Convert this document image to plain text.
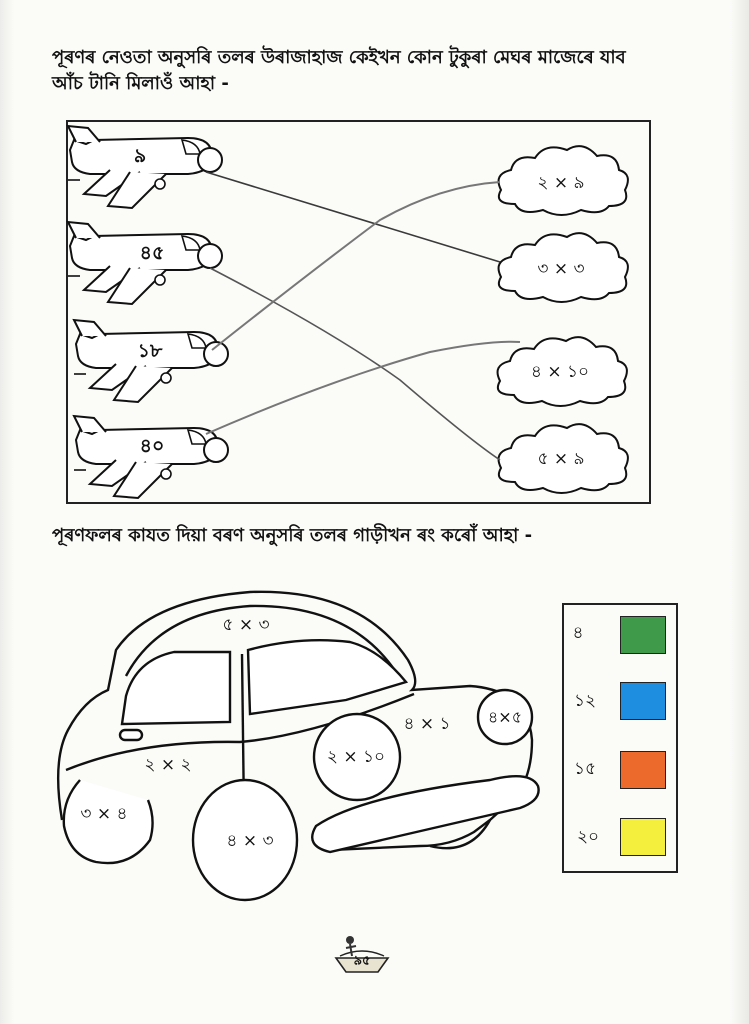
পূৰণৰ নেওতা অনুসৰি তলৰ উৰাজাহাজ কেইখন কোন টুকুৰা মেঘৰ মাজেৰে যাব
আঁচ টানি মিলাওঁ আহা -
৯
৪৫
১৮
৪০
২ × ৯
৩ × ৩
৪ × ১০
৫ × ৯
পূৰণফলৰ কাযত দিয়া বৰণ অনুসৰি তলৰ গাড়ীখন ৰং কৰোঁ আহা -
৫ × ৩
২ × ২
৪ × ১ ৪×৫
২ × ১০
৩ × ৪
৪ × ৩
৪
১২
১৫
২০
৯৫
